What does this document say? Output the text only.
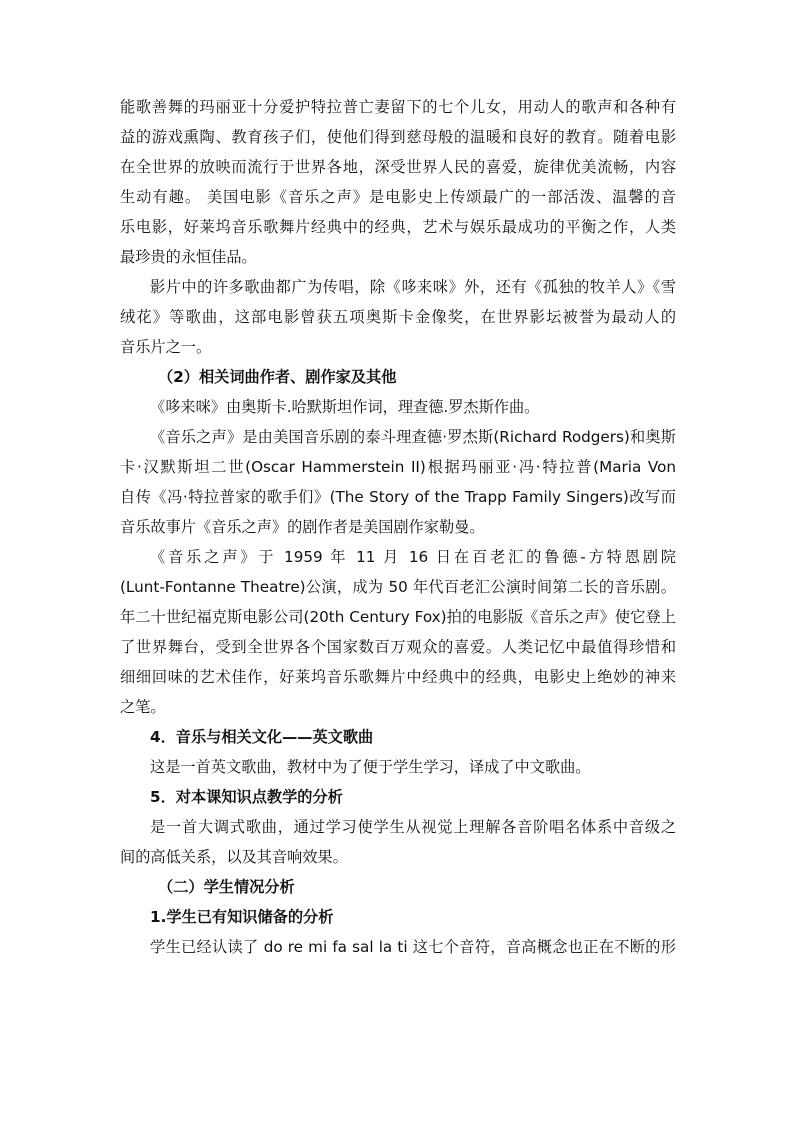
能歌善舞的玛丽亚十分爱护特拉普亡妻留下的七个儿女，用动人的歌声和各种有
益的游戏熏陶、教育孩子们，使他们得到慈母般的温暖和良好的教育。随着电影
在全世界的放映而流行于世界各地，深受世界人民的喜爱，旋律优美流畅，内容
生动有趣。 美国电影《音乐之声》是电影史上传颂最广的一部活泼、温馨的音
乐电影，好莱坞音乐歌舞片经典中的经典，艺术与娱乐最成功的平衡之作，人类
最珍贵的永恒佳品。
影片中的许多歌曲都广为传唱，除《哆来咪》外，还有《孤独的牧羊人》《雪
绒花》等歌曲，这部电影曾获五项奥斯卡金像奖，在世界影坛被誉为最动人的
音乐片之一。
（2）相关词曲作者、剧作家及其他
《哆来咪》由奥斯卡.哈默斯坦作词，理查德.罗杰斯作曲。
《音乐之声》是由美国音乐剧的泰斗理查德·罗杰斯(Richard Rodgers)和奥斯
卡·汉默斯坦二世(Oscar Hammerstein II)根据玛丽亚·冯·特拉普(Maria Von
自传《冯·特拉普家的歌手们》(The Story of the Trapp Family Singers)改写而
音乐故事片《音乐之声》的剧作者是美国剧作家勒曼。
《音乐之声》于 1959 年 11 月 16 日在百老汇的鲁德-方特恩剧院
(Lunt-Fontanne Theatre)公演，成为 50 年代百老汇公演时间第二长的音乐剧。
年二十世纪福克斯电影公司(20th Century Fox)拍的电影版《音乐之声》使它登上
了世界舞台，受到全世界各个国家数百万观众的喜爱。人类记忆中最值得珍惜和
细细回味的艺术佳作，好莱坞音乐歌舞片中经典中的经典，电影史上绝妙的神来
之笔。
4．音乐与相关文化——英文歌曲
这是一首英文歌曲，教材中为了便于学生学习，译成了中文歌曲。
5．对本课知识点教学的分析
是一首大调式歌曲，通过学习使学生从视觉上理解各音阶唱名体系中音级之
间的高低关系，以及其音响效果。
（二）学生情况分析
1.学生已有知识储备的分析
学生已经认读了 do re mi fa sal la ti 这七个音符，音高概念也正在不断的形
